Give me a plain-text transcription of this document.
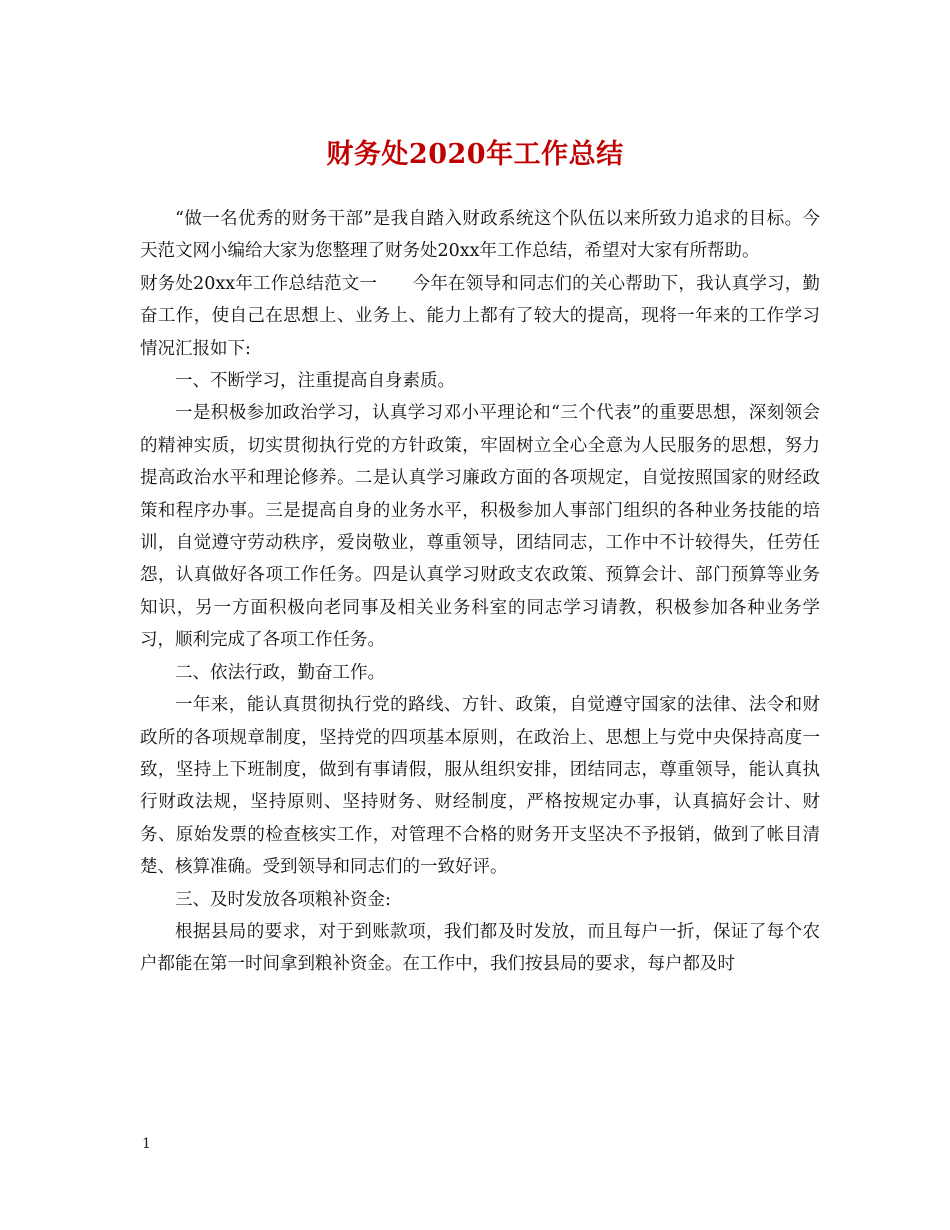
财务处2020年工作总结

“做一名优秀的财务干部”是我自踏入财政系统这个队伍以来所致力追求的目标。今天范文网小编给大家为您整理了财务处20xx年工作总结，希望对大家有所帮助。

财务处20xx年工作总结范文一　　今年在领导和同志们的关心帮助下，我认真学习，勤奋工作，使自己在思想上、业务上、能力上都有了较大的提高，现将一年来的工作学习情况汇报如下:

一、不断学习，注重提高自身素质。

一是积极参加政治学习，认真学习邓小平理论和“三个代表”的重要思想，深刻领会的精神实质，切实贯彻执行党的方针政策，牢固树立全心全意为人民服务的思想，努力提高政治水平和理论修养。二是认真学习廉政方面的各项规定，自觉按照国家的财经政策和程序办事。三是提高自身的业务水平，积极参加人事部门组织的各种业务技能的培训，自觉遵守劳动秩序，爱岗敬业，尊重领导，团结同志，工作中不计较得失，任劳任怨，认真做好各项工作任务。四是认真学习财政支农政策、预算会计、部门预算等业务知识，另一方面积极向老同事及相关业务科室的同志学习请教，积极参加各种业务学习，顺利完成了各项工作任务。

二、依法行政，勤奋工作。

一年来，能认真贯彻执行党的路线、方针、政策，自觉遵守国家的法律、法令和财政所的各项规章制度，坚持党的四项基本原则，在政治上、思想上与党中央保持高度一致，坚持上下班制度，做到有事请假，服从组织安排，团结同志，尊重领导，能认真执行财政法规，坚持原则、坚持财务、财经制度，严格按规定办事，认真搞好会计、财务、原始发票的检查核实工作，对管理不合格的财务开支坚决不予报销，做到了帐目清楚、核算准确。受到领导和同志们的一致好评。

三、及时发放各项粮补资金:

根据县局的要求，对于到账款项，我们都及时发放，而且每户一折，保证了每个农户都能在第一时间拿到粮补资金。在工作中，我们按县局的要求，每户都及时

1
